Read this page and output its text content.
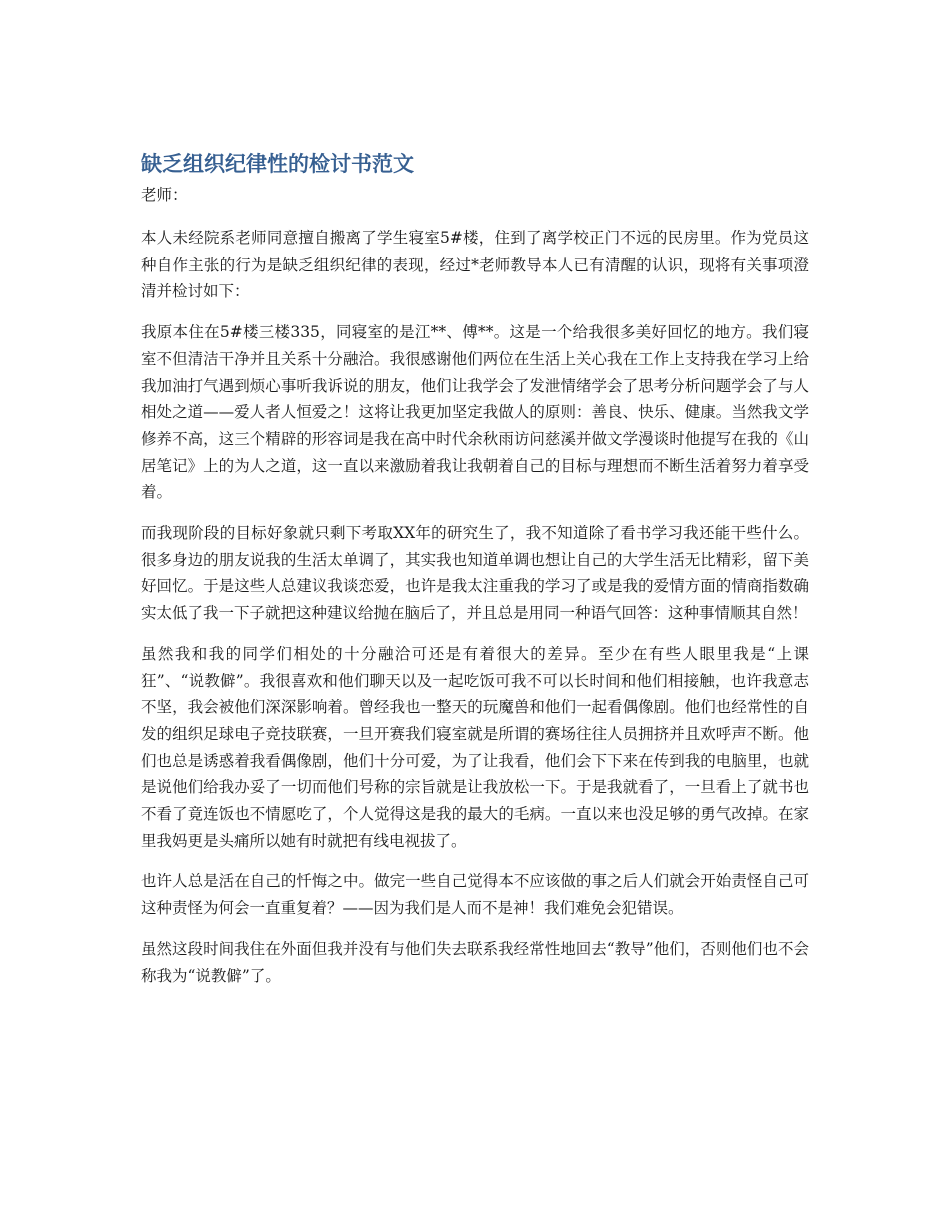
缺乏组织纪律性的检讨书范文

老师：

本人未经院系老师同意擅自搬离了学生寝室5#楼，住到了离学校正门不远的民房里。作为党员这种自作主张的行为是缺乏组织纪律的表现，经过*老师教导本人已有清醒的认识，现将有关事项澄清并检讨如下：

我原本住在5#楼三楼335，同寝室的是江**、傅**。这是一个给我很多美好回忆的地方。我们寝室不但清洁干净并且关系十分融洽。我很感谢他们两位在生活上关心我在工作上支持我在学习上给我加油打气遇到烦心事听我诉说的朋友，他们让我学会了发泄情绪学会了思考分析问题学会了与人相处之道——爱人者人恒爱之！这将让我更加坚定我做人的原则：善良、快乐、健康。当然我文学修养不高，这三个精辟的形容词是我在高中时代余秋雨访问慈溪并做文学漫谈时他提写在我的《山居笔记》上的为人之道，这一直以来激励着我让我朝着自己的目标与理想而不断生活着努力着享受着。

而我现阶段的目标好象就只剩下考取XX年的研究生了，我不知道除了看书学习我还能干些什么。很多身边的朋友说我的生活太单调了，其实我也知道单调也想让自己的大学生活无比精彩，留下美好回忆。于是这些人总建议我谈恋爱，也许是我太注重我的学习了或是我的爱情方面的情商指数确实太低了我一下子就把这种建议给抛在脑后了，并且总是用同一种语气回答：这种事情顺其自然！

虽然我和我的同学们相处的十分融洽可还是有着很大的差异。至少在有些人眼里我是“上课狂”、“说教僻”。我很喜欢和他们聊天以及一起吃饭可我不可以长时间和他们相接触，也许我意志不坚，我会被他们深深影响着。曾经我也一整天的玩魔兽和他们一起看偶像剧。他们也经常性的自发的组织足球电子竞技联赛，一旦开赛我们寝室就是所谓的赛场往往人员拥挤并且欢呼声不断。他们也总是诱惑着我看偶像剧，他们十分可爱，为了让我看，他们会下下来在传到我的电脑里，也就是说他们给我办妥了一切而他们号称的宗旨就是让我放松一下。于是我就看了，一旦看上了就书也不看了竟连饭也不情愿吃了，个人觉得这是我的最大的毛病。一直以来也没足够的勇气改掉。在家里我妈更是头痛所以她有时就把有线电视拔了。

也许人总是活在自己的忏悔之中。做完一些自己觉得本不应该做的事之后人们就会开始责怪自己可这种责怪为何会一直重复着？——因为我们是人而不是神！我们难免会犯错误。

虽然这段时间我住在外面但我并没有与他们失去联系我经常性地回去“教导”他们，否则他们也不会称我为“说教僻”了。
